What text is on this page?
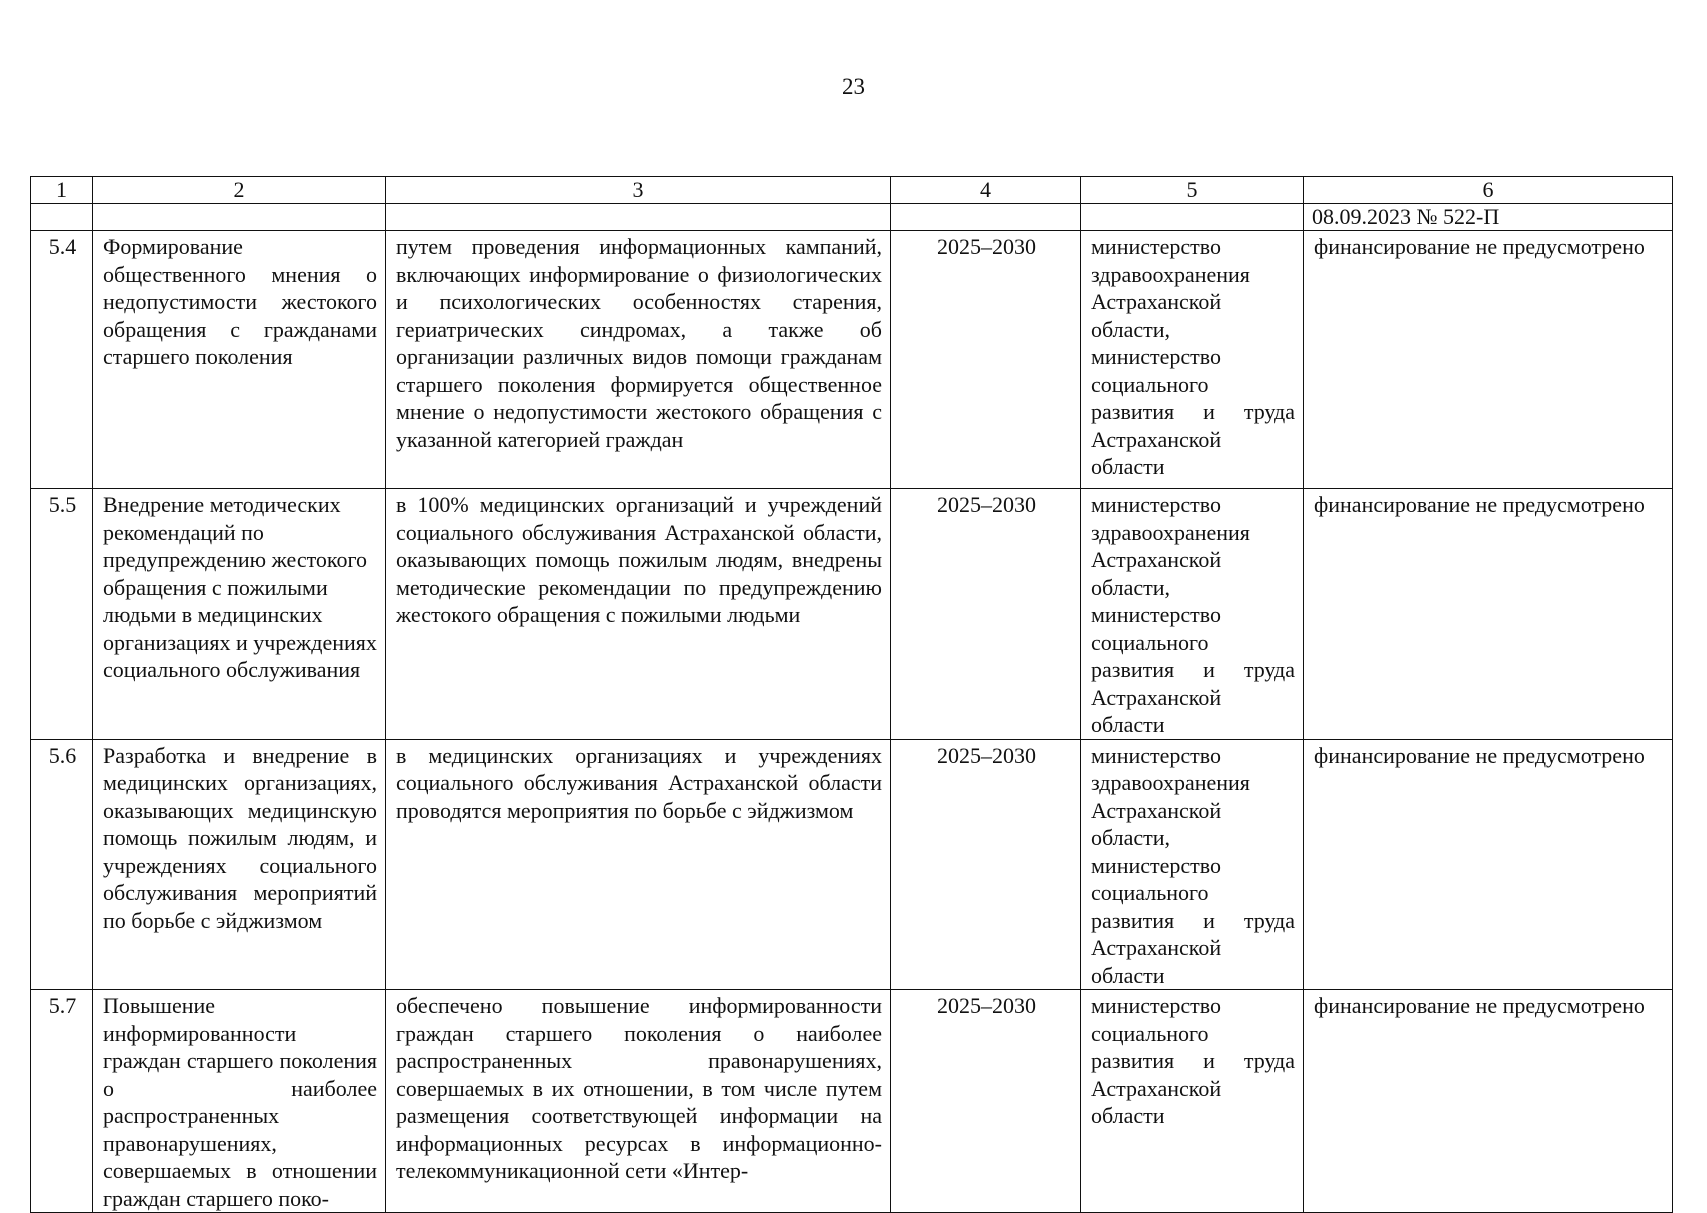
23
1	2	3	4	5	6
					08.09.2023 № 522-П
5.4	Формирование общественного мнения о недопустимости жестокого обращения с гражданами старшего поколения	путем проведения информационных кампаний, включающих информирование о физиологических и психологических особенностях старения, гериатрических синдромах, а также об организации различных видов помощи гражданам старшего поколения формируется общественное мнение о недопустимости жестокого обращения с указанной категорией граждан	2025–2030	министерство здравоохранения Астраханской области, министерство социального развития и труда Астраханской области	финансирование не предусмотрено
5.5	Внедрение методических рекомендаций по предупреждению жестокого обращения с пожилыми людьми в медицинских организациях и учреждениях социального обслуживания	в 100% медицинских организаций и учреждений социального обслуживания Астраханской области, оказывающих помощь пожилым людям, внедрены методические рекомендации по предупреждению жестокого обращения с пожилыми людьми	2025–2030	министерство здравоохранения Астраханской области, министерство социального развития и труда Астраханской области	финансирование не предусмотрено
5.6	Разработка и внедрение в медицинских организациях, оказывающих медицинскую помощь пожилым людям, и учреждениях социального обслуживания мероприятий по борьбе с эйджизмом	в медицинских организациях и учреждениях социального обслуживания Астраханской области проводятся мероприятия по борьбе с эйджизмом	2025–2030	министерство здравоохранения Астраханской области, министерство социального развития и труда Астраханской области	финансирование не предусмотрено
5.7	Повышение информированности граждан старшего поколения о наиболее распространенных правонарушениях, совершаемых в отношении граждан старшего поко-	обеспечено повышение информированности граждан старшего поколения о наиболее распространенных правонарушениях, совершаемых в их отношении, в том числе путем размещения соответствующей информации на информационных ресурсах в информационно-телекоммуникационной сети «Интер-	2025–2030	министерство социального развития и труда Астраханской области	финансирование не предусмотрено
